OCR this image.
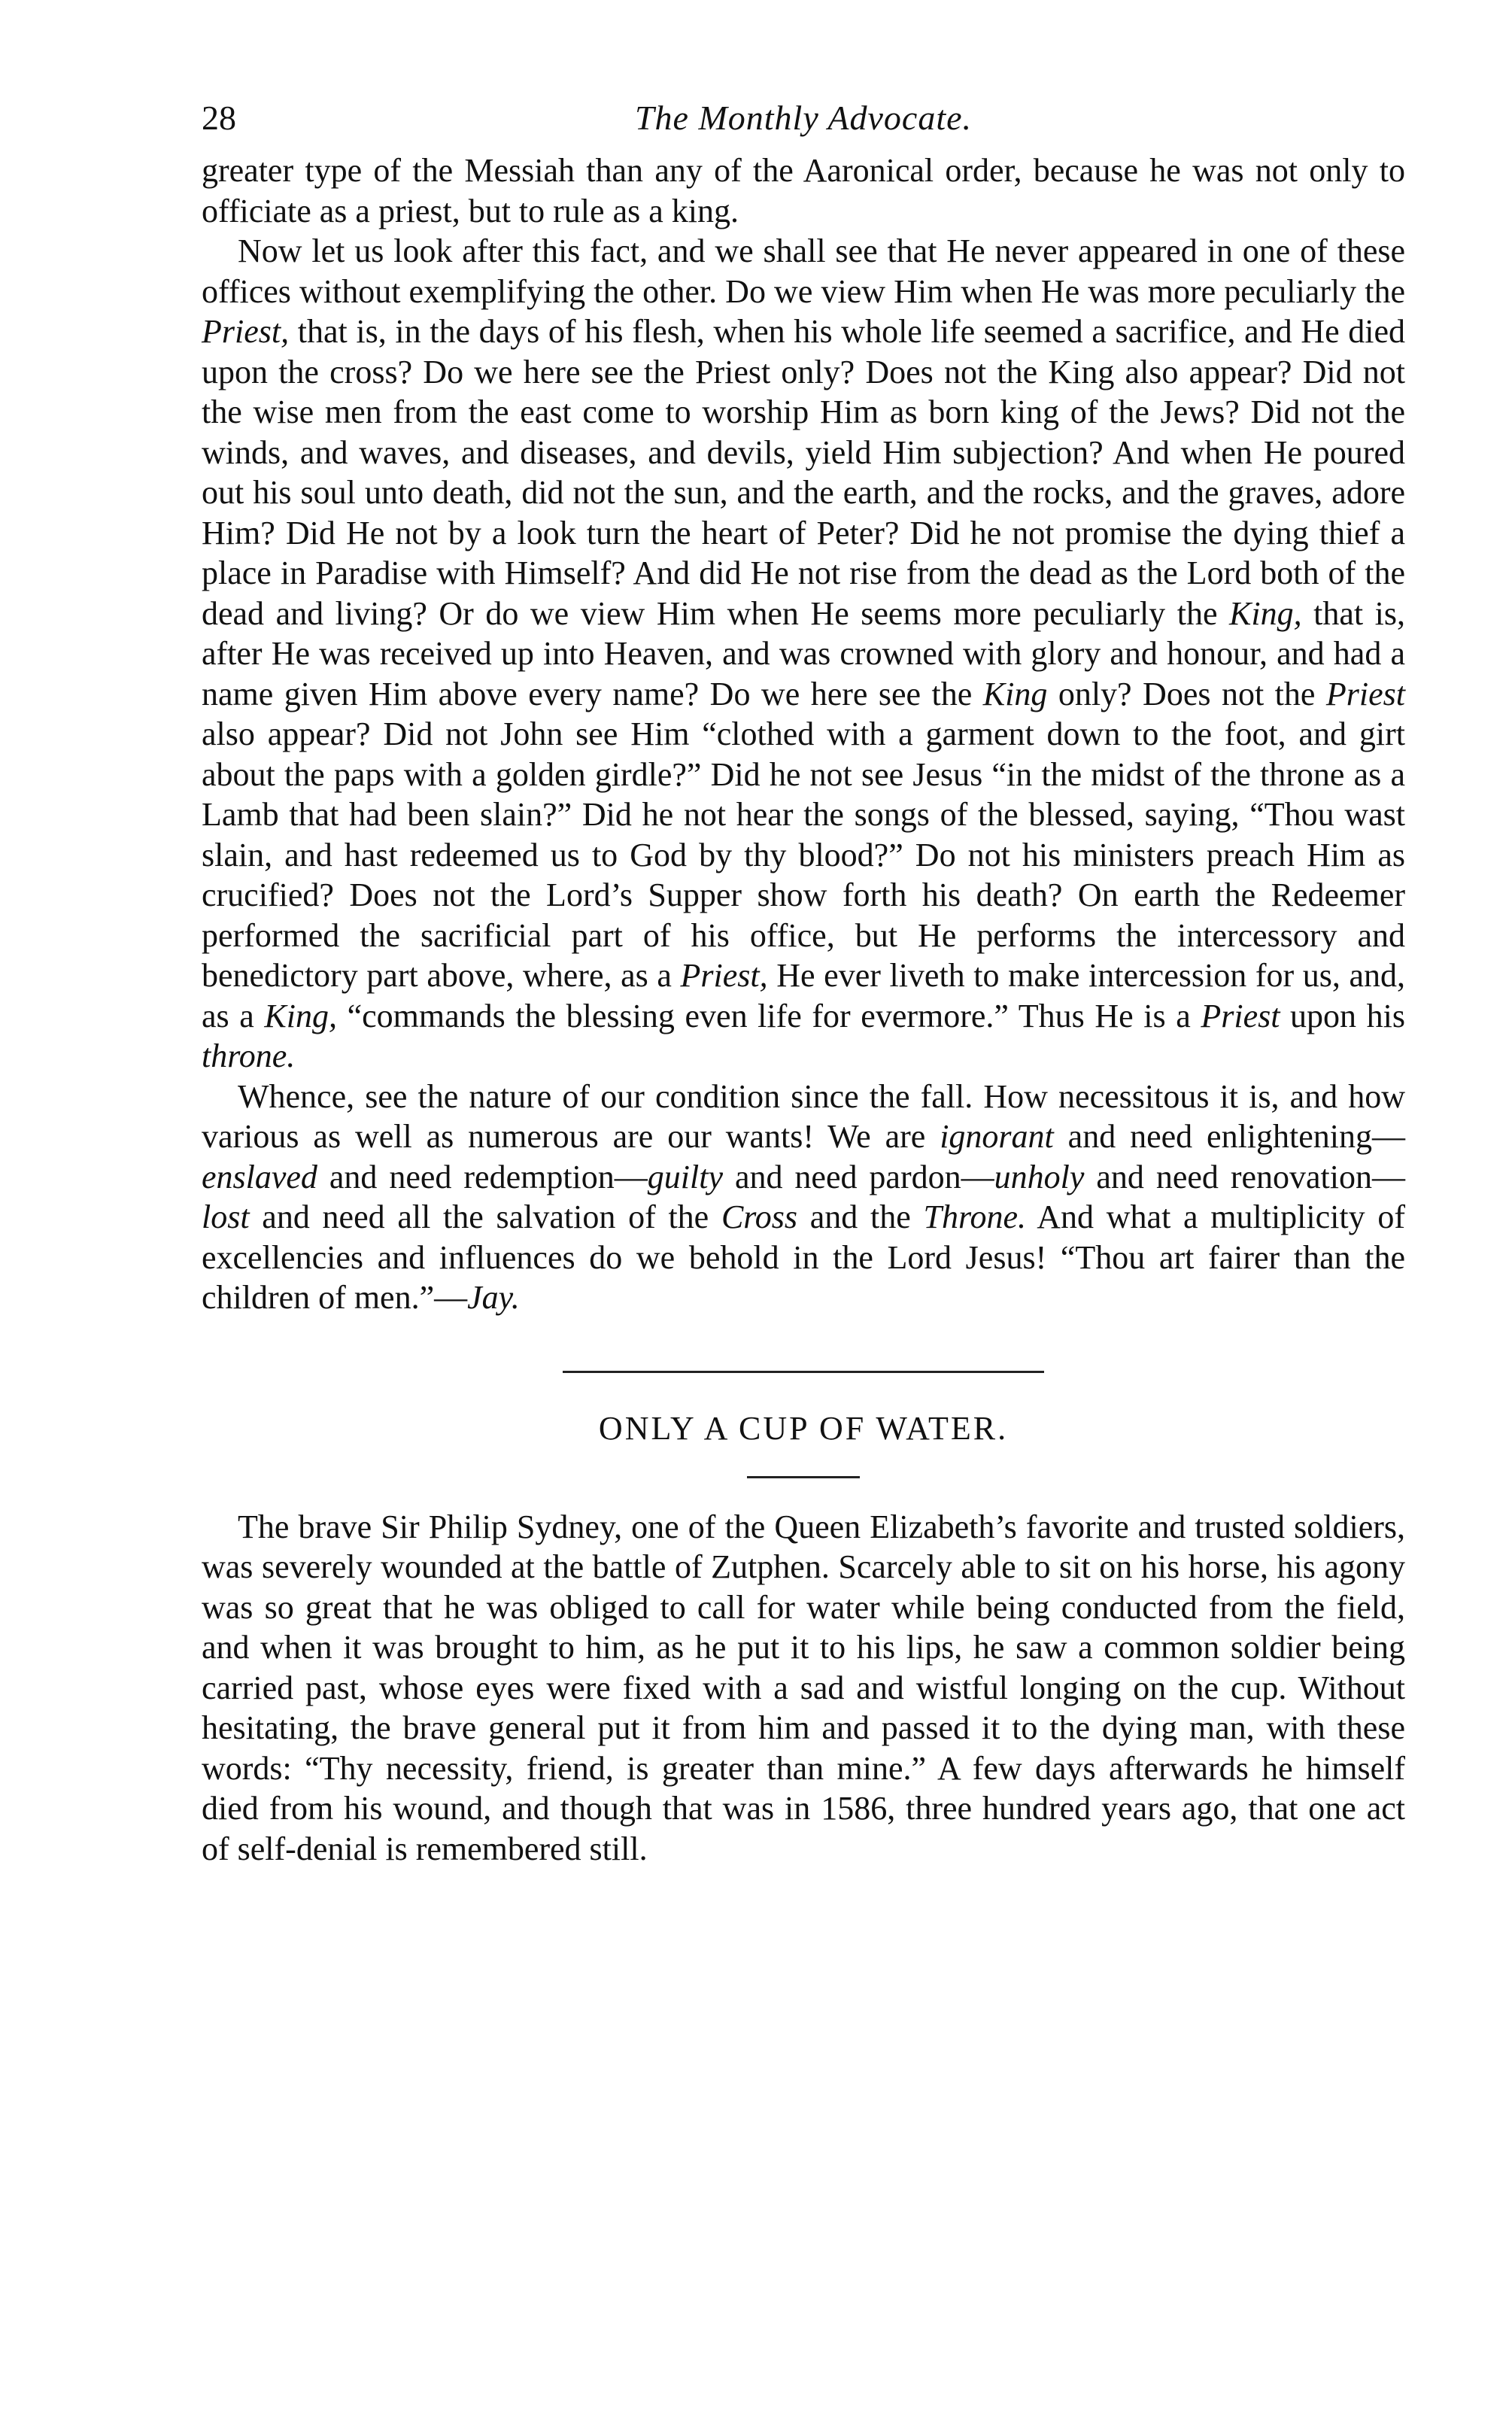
28	The Monthly Advocate.

greater type of the Messiah than any of the Aaronical order, because he was not only to officiate as a priest, but to rule as a king.

Now let us look after this fact, and we shall see that He never appeared in one of these offices without exemplifying the other. Do we view Him when He was more peculiarly the Priest, that is, in the days of his flesh, when his whole life seemed a sacrifice, and He died upon the cross? Do we here see the Priest only? Does not the King also appear? Did not the wise men from the east come to worship Him as born king of the Jews? Did not the winds, and waves, and diseases, and devils, yield Him subjection? And when He poured out his soul unto death, did not the sun, and the earth, and the rocks, and the graves, adore Him? Did He not by a look turn the heart of Peter? Did he not promise the dying thief a place in Paradise with Himself? And did He not rise from the dead as the Lord both of the dead and living? Or do we view Him when He seems more peculiarly the King, that is, after He was received up into Heaven, and was crowned with glory and honour, and had a name given Him above every name? Do we here see the King only? Does not the Priest also appear? Did not John see Him “clothed with a garment down to the foot, and girt about the paps with a golden girdle?” Did he not see Jesus “in the midst of the throne as a Lamb that had been slain?” Did he not hear the songs of the blessed, saying, “Thou wast slain, and hast redeemed us to God by thy blood?” Do not his ministers preach Him as crucified? Does not the Lord’s Supper show forth his death? On earth the Redeemer performed the sacrificial part of his office, but He performs the intercessory and benedictory part above, where, as a Priest, He ever liveth to make intercession for us, and, as a King, “commands the blessing even life for evermore.” Thus He is a Priest upon his throne.

Whence, see the nature of our condition since the fall. How necessitous it is, and how various as well as numerous are our wants! We are ignorant and need enlightening—enslaved and need redemption—guilty and need pardon—unholy and need renovation—lost and need all the salvation of the Cross and the Throne. And what a multiplicity of excellencies and influences do we behold in the Lord Jesus! “Thou art fairer than the children of men.”—Jay.

ONLY A CUP OF WATER.

The brave Sir Philip Sydney, one of the Queen Elizabeth’s favorite and trusted soldiers, was severely wounded at the battle of Zutphen. Scarcely able to sit on his horse, his agony was so great that he was obliged to call for water while being conducted from the field, and when it was brought to him, as he put it to his lips, he saw a common soldier being carried past, whose eyes were fixed with a sad and wistful longing on the cup. Without hesitating, the brave general put it from him and passed it to the dying man, with these words: “Thy necessity, friend, is greater than mine.” A few days afterwards he himself died from his wound, and though that was in 1586, three hundred years ago, that one act of self-denial is remembered still.
